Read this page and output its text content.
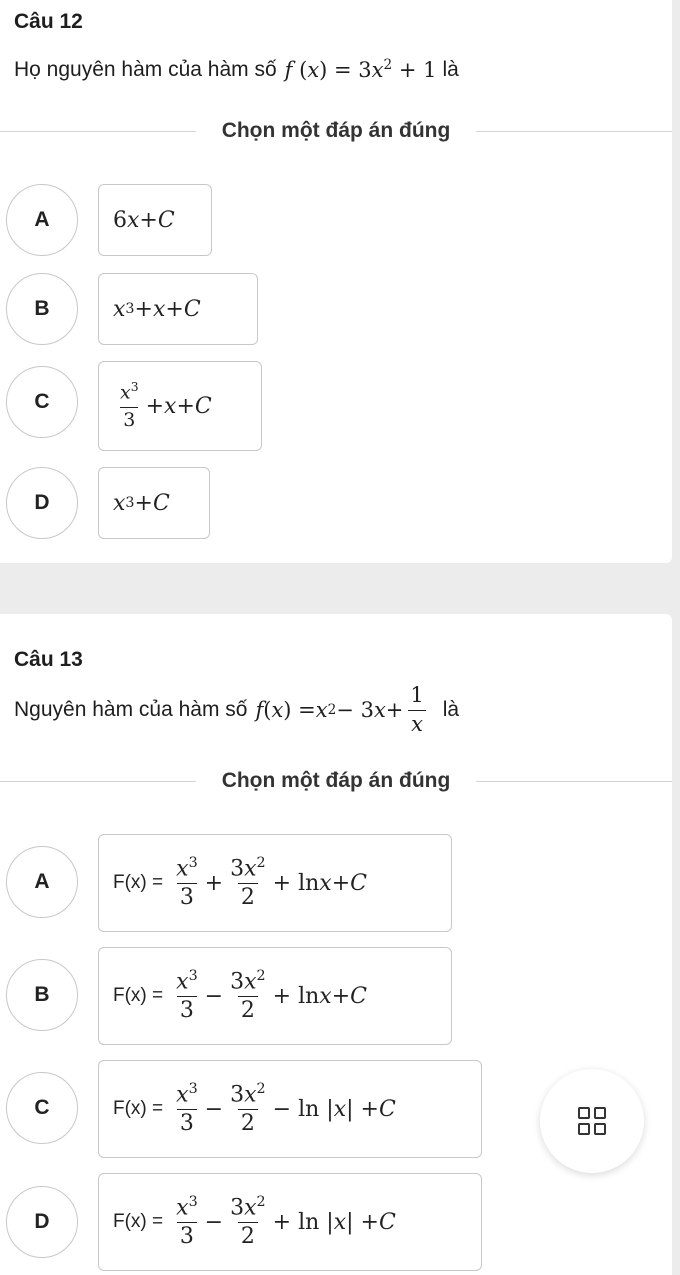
Câu 12
Họ nguyên hàm của hàm số f $(x) = 3x^2 + 1$ là
Chọn một đáp án đúng
A	6 x + C
B	x 3 + x + C
C	$\frac{x^3}{3} + x + C$
D	x 3 + C
Câu 13
Nguyên hàm của hàm số f ( x ) = x 2 − 3 $x + \frac{1}{x}$ là
Chọn một đáp án đúng
A	$F(x) = \frac{x^3}{3} + \frac{3x^2}{2} + \ln x + C$
B	$F(x) = \frac{x^3}{3} - \frac{3x^2}{2} + \ln x + C$
C	$F(x) = \frac{x^3}{3} - \frac{3x^2}{2} - \ln$ | x | + C
D	$F(x) = \frac{x^3}{3} - \frac{3x^2}{2} + \ln$ | x | + C
